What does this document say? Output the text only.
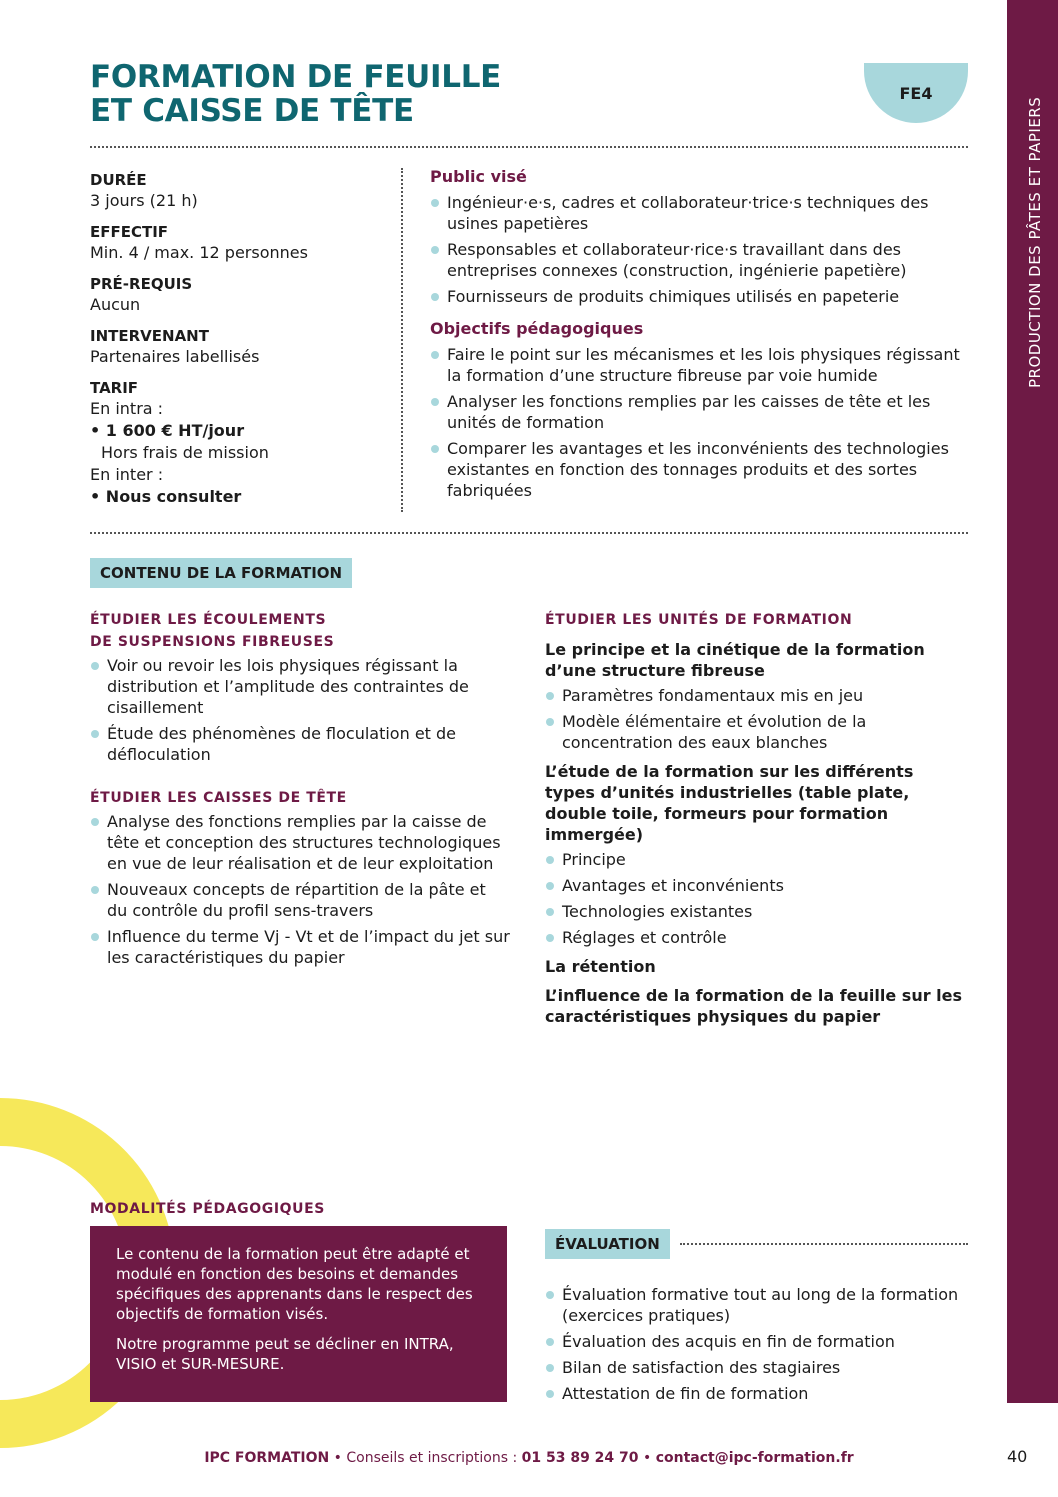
PRODUCTION DES PÂTES ET PAPIERS
FORMATION DE FEUILLE
ET CAISSE DE TÊTE	FE4
DURÉE
3 jours (21 h)
EFFECTIF
Min. 4 / max. 12 personnes
PRÉ-REQUIS
Aucun
INTERVENANT
Partenaires labellisés
TARIF
En intra :
• 1 600 € HT/jour
Hors frais de mission
En inter :
• Nous consulter
Public visé
Ingénieur·e·s, cadres et collaborateur·trice·s techniques des usines papetières
Responsables et collaborateur·rice·s travaillant dans des entreprises connexes (construction, ingénierie papetière)
Fournisseurs de produits chimiques utilisés en papeterie
Objectifs pédagogiques
Faire le point sur les mécanismes et les lois physiques régissant la formation d’une structure fibreuse par voie humide
Analyser les fonctions remplies par les caisses de tête et les unités de formation
Comparer les avantages et les inconvénients des technologies existantes en fonction des tonnages produits et des sortes fabriquées
CONTENU DE LA FORMATION
ÉTUDIER LES ÉCOULEMENTS
DE SUSPENSIONS FIBREUSES
Voir ou revoir les lois physiques régissant la distribution et l’amplitude des contraintes de cisaillement
Étude des phénomènes de floculation et de défloculation
ÉTUDIER LES CAISSES DE TÊTE
Analyse des fonctions remplies par la caisse de tête et conception des structures technologiques en vue de leur réalisation et de leur exploitation
Nouveaux concepts de répartition de la pâte et du contrôle du profil sens-travers
Influence du terme Vj - Vt et de l’impact du jet sur les caractéristiques du papier
ÉTUDIER LES UNITÉS DE FORMATION
Le principe et la cinétique de la formation d’une structure fibreuse
Paramètres fondamentaux mis en jeu
Modèle élémentaire et évolution de la concentration des eaux blanches
L’étude de la formation sur les différents types d’unités industrielles (table plate, double toile, formeurs pour formation immergée)
Principe
Avantages et inconvénients
Technologies existantes
Réglages et contrôle
La rétention
L’influence de la formation de la feuille sur les caractéristiques physiques du papier
MODALITÉS PÉDAGOGIQUES

Le contenu de la formation peut être adapté et modulé en fonction des besoins et demandes spécifiques des apprenants dans le respect des objectifs de formation visés.

Notre programme peut se décliner en INTRA, VISIO et SUR-MESURE.

ÉVALUATION
Évaluation formative tout au long de la formation (exercices pratiques)
Évaluation des acquis en fin de formation
Bilan de satisfaction des stagiaires
Attestation de fin de formation
IPC FORMATION • Conseils et inscriptions : 01 53 89 24 70 • contact@ipc-formation.fr	40
